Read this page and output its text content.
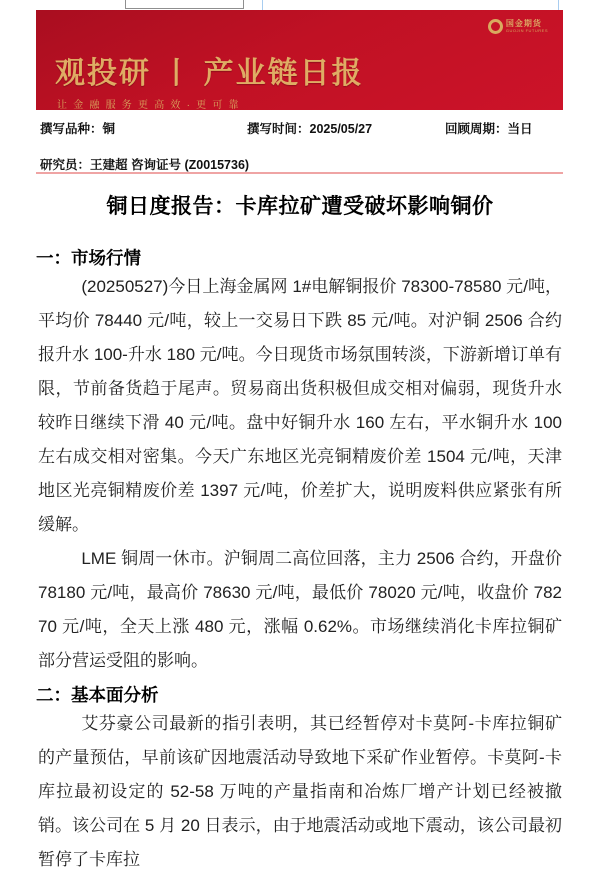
国金期货
GUOJIN FUTURES
观投研 丨 产业链日报
让金融服务更高效·更可靠
撰写品种：铜	撰写时间：2025/05/27	回顾周期：当日
研究员：王建超 咨询证号 (Z0015736)
铜日度报告：卡库拉矿遭受破坏影响铜价
一：市场行情

(20250527)今日上海金属网 1#电解铜报价 78300-78580 元/吨，平均价 78440 元/吨，较上一交易日下跌 85 元/吨。对沪铜 2506 合约报升水 100-升水 180 元/吨。今日现货市场氛围转淡，下游新增订单有限，节前备货趋于尾声。贸易商出货积极但成交相对偏弱，现货升水较昨日继续下滑 40 元/吨。盘中好铜升水 160 左右，平水铜升水 100 左右成交相对密集。今天广东地区光亮铜精废价差 1504 元/吨，天津地区光亮铜精废价差 1397 元/吨，价差扩大，说明废料供应紧张有所缓解。

LME 铜周一休市。沪铜周二高位回落，主力 2506 合约，开盘价 78180 元/吨，最高价 78630 元/吨，最低价 78020 元/吨，收盘价 78270 元/吨，全天上涨 480 元，涨幅 0.62%。市场继续消化卡库拉铜矿部分营运受阻的影响。

二：基本面分析

艾芬豪公司最新的指引表明，其已经暂停对卡莫阿-卡库拉铜矿的产量预估，早前该矿因地震活动导致地下采矿作业暂停。卡莫阿-卡库拉最初设定的 52-58 万吨的产量指南和冶炼厂增产计划已经被撤销。该公司在 5 月 20 日表示，由于地震活动或地下震动，该公司最初暂停了卡库拉
